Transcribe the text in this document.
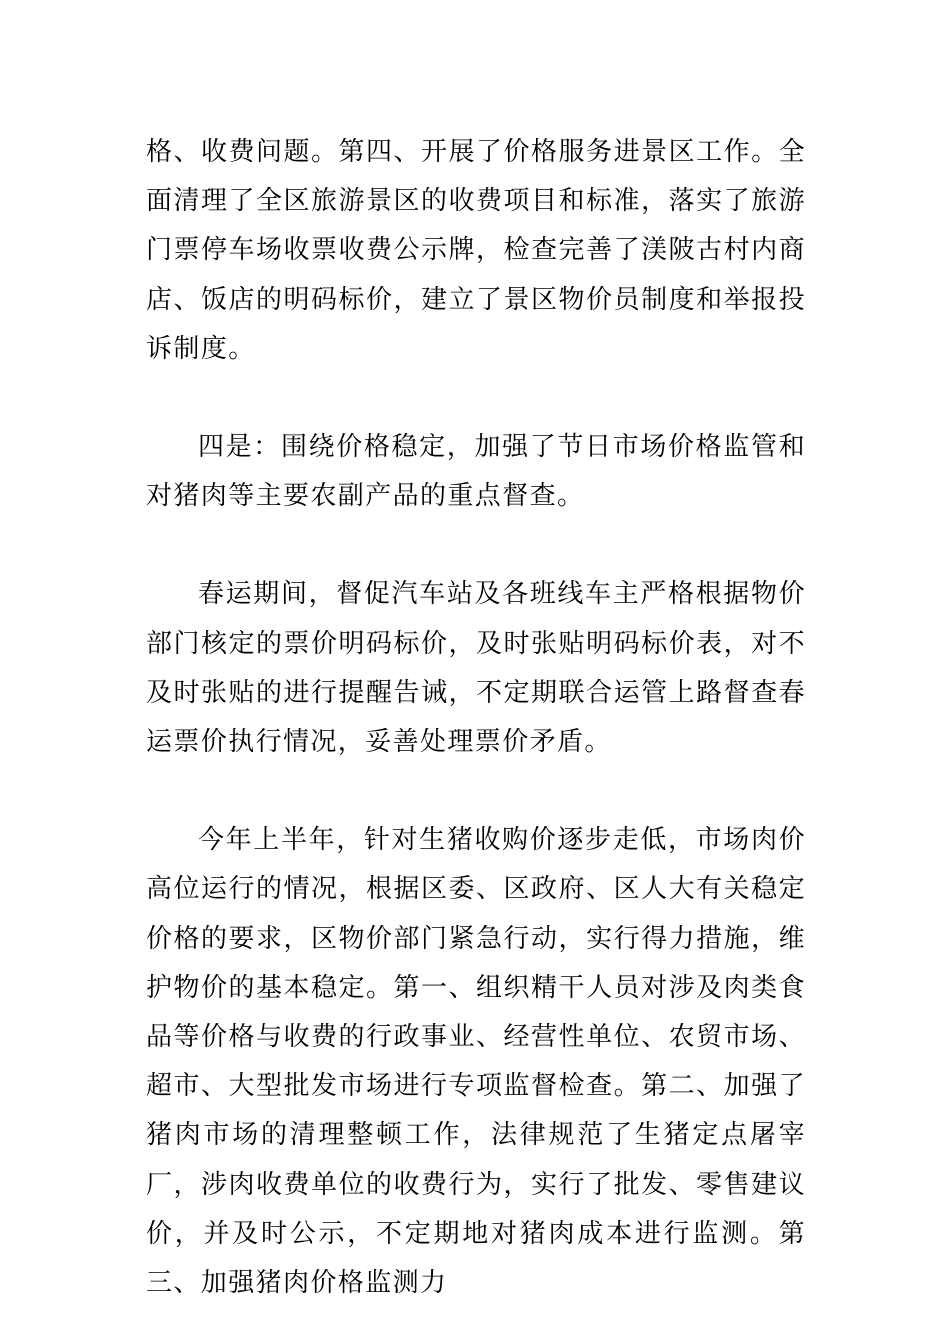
格、收费问题。第四、开展了价格服务进景区工作。全面清理了全区旅游景区的收费项目和标准，落实了旅游门票停车场收票收费公示牌，检查完善了渼陂古村内商店、饭店的明码标价，建立了景区物价员制度和举报投诉制度。

四是：围绕价格稳定，加强了节日市场价格监管和对猪肉等主要农副产品的重点督查。

春运期间，督促汽车站及各班线车主严格根据物价部门核定的票价明码标价，及时张贴明码标价表，对不及时张贴的进行提醒告诫，不定期联合运管上路督查春运票价执行情况，妥善处理票价矛盾。

今年上半年，针对生猪收购价逐步走低，市场肉价高位运行的情况，根据区委、区政府、区人大有关稳定价格的要求，区物价部门紧急行动，实行得力措施，维护物价的基本稳定。第一、组织精干人员对涉及肉类食品等价格与收费的行政事业、经营性单位、农贸市场、超市、大型批发市场进行专项监督检查。第二、加强了猪肉市场的清理整顿工作，法律规范了生猪定点屠宰厂，涉肉收费单位的收费行为，实行了批发、零售建议价，并及时公示，不定期地对猪肉成本进行监测。第三、加强猪肉价格监测力
